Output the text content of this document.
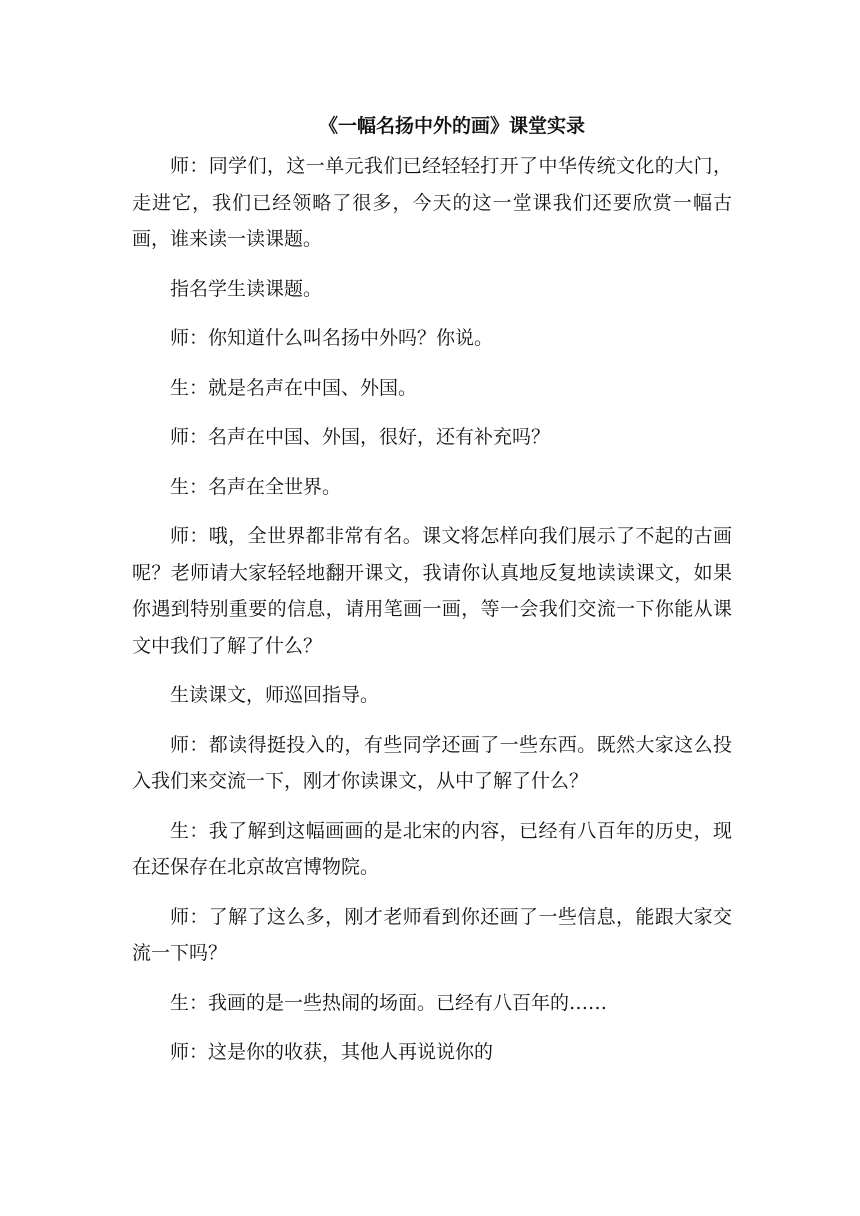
《一幅名扬中外的画》课堂实录

师：同学们，这一单元我们已经轻轻打开了中华传统文化的大门，走进它，我们已经领略了很多，今天的这一堂课我们还要欣赏一幅古画，谁来读一读课题。

指名学生读课题。

师：你知道什么叫名扬中外吗？你说。

生：就是名声在中国、外国。

师：名声在中国、外国，很好，还有补充吗？

生：名声在全世界。

师：哦，全世界都非常有名。课文将怎样向我们展示了不起的古画呢？老师请大家轻轻地翻开课文，我请你认真地反复地读读课文，如果你遇到特别重要的信息，请用笔画一画，等一会我们交流一下你能从课文中我们了解了什么？

生读课文，师巡回指导。

师：都读得挺投入的，有些同学还画了一些东西。既然大家这么投入我们来交流一下，刚才你读课文，从中了解了什么？

生：我了解到这幅画画的是北宋的内容，已经有八百年的历史，现在还保存在北京故宫博物院。

师：了解了这么多，刚才老师看到你还画了一些信息，能跟大家交流一下吗？

生：我画的是一些热闹的场面。已经有八百年的……

师：这是你的收获，其他人再说说你的
